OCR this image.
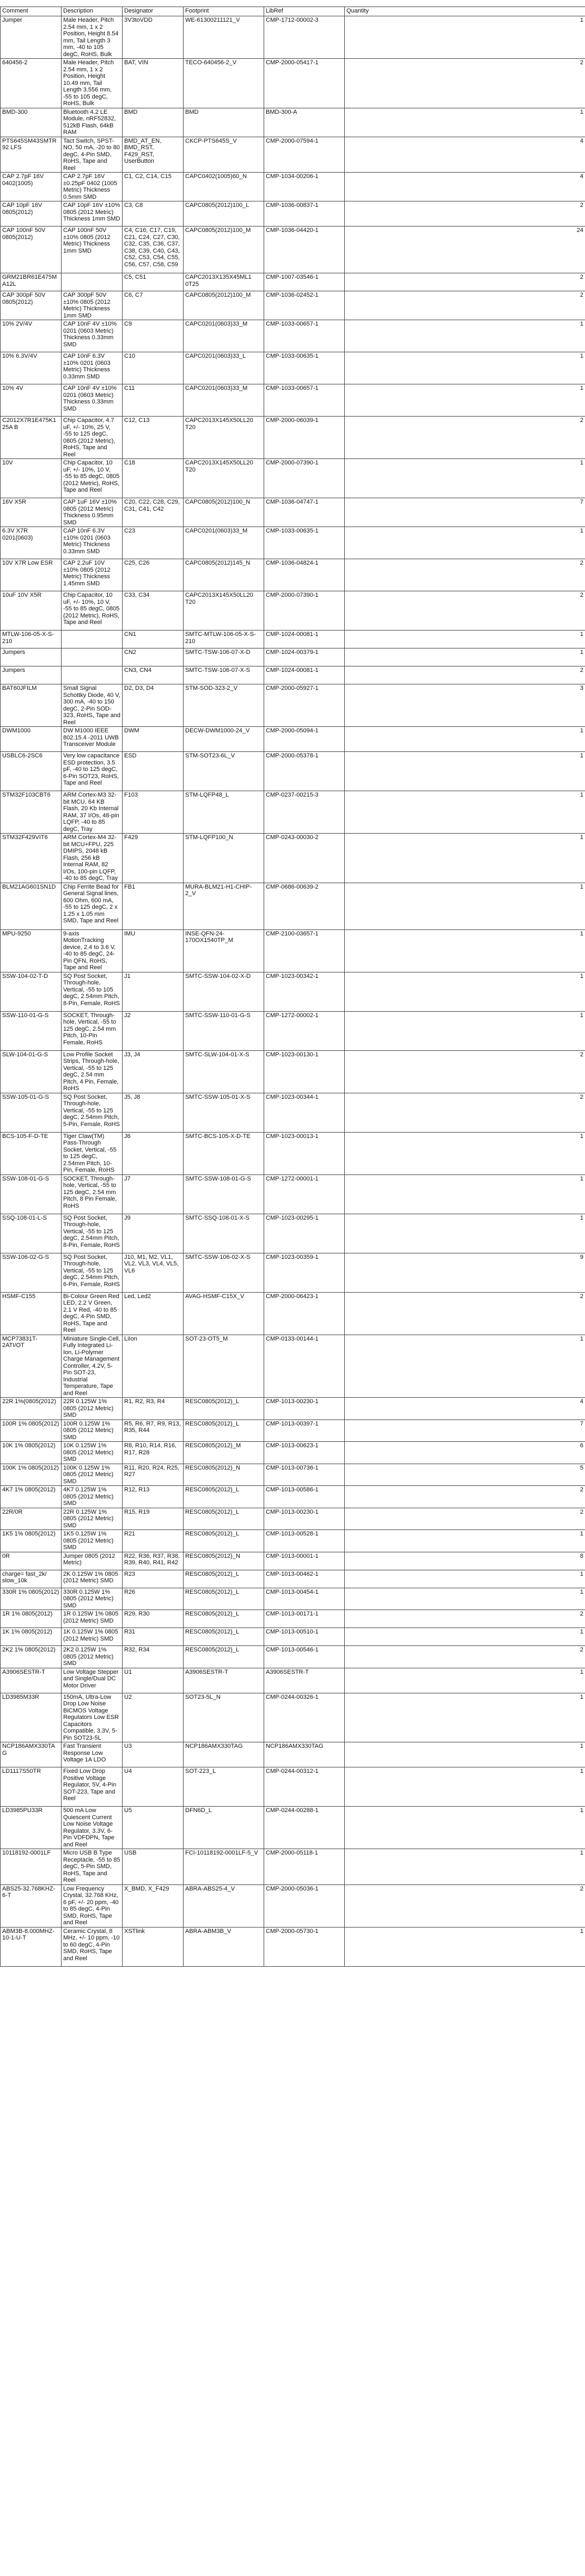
Comment	Description	Designator	Footprint	LibRef	Quantity
Jumper	Male Header, Pitch 2.54 mm, 1 x 2 Position, Height 8.54 mm, Tail Length 3 mm, -40 to 105 degC, RoHS, Bulk	3V3toVDD	WE-61300211121_V	CMP-1712-00002-3	1
640456-2	Male Header, Pitch 2.54 mm, 1 x 2 Position, Height 10.49 mm, Tail Length 3.556 mm, -55 to 105 degC, RoHS, Bulk	BAT, VIN	TECO-640456-2_V	CMP-2000-05417-1	2
BMD-300	Bluetooth 4.2 LE Module, nRF52832, 512kB Flash, 64kB RAM	BMD	BMD	BMD-300-A	1
PTS645SM43SMTR92 LFS	Tact Switch, SPST-NO, 50 mA, -20 to 80 degC, 4-Pin SMD, RoHS, Tape and Reel	BMD_AT_EN, BMD_RST, F429_RST, UserButton	CKCP-PTS645S_V	CMP-2000-07594-1	4
CAP 2.7pF 16V 0402(1005)	CAP 2.7pF 16V ±0.25pF 0402 (1005 Metric) Thickness 0.5mm SMD	C1, C2, C14, C15	CAPC0402(1005)60_N	CMP-1034-00206-1	4
CAP 10pF 16V 0805(2012)	CAP 10pF 16V ±10% 0805 (2012 Metric) Thickness 1mm SMD	C3, C8	CAPC0805(2012)100_L	CMP-1036-00837-1	2
CAP 100nF 50V 0805(2012)	CAP 100nF 50V ±10% 0805 (2012 Metric) Thickness 1mm SMD	C4, C16, C17, C19, C21, C24, C27, C30, C32, C35, C36, C37, C38, C39, C40, C43, C52, C53, C54, C55, C56, C57, C58, C59	CAPC0805(2012)100_M	CMP-1036-04420-1	24
GRM21BR61E475MA12L		C5, C51	CAPC2013X135X45ML1 0T25	CMP-1007-03546-1	2
CAP 300pF 50V 0805(2012)	CAP 300pF 50V ±10% 0805 (2012 Metric) Thickness 1mm SMD	C6, C7	CAPC0805(2012)100_M	CMP-1036-02452-1	2
10% 2V/4V	CAP 10nF 4V ±10% 0201 (0603 Metric) Thickness 0.33mm SMD	C9	CAPC0201(0603)33_M	CMP-1033-00657-1	1
10% 6.3V/4V	CAP 10nF 6.3V ±10% 0201 (0603 Metric) Thickness 0.33mm SMD	C10	CAPC0201(0603)33_L	CMP-1033-00635-1	1
10% 4V	CAP 10nF 4V ±10% 0201 (0603 Metric) Thickness 0.33mm SMD	C11	CAPC0201(0603)33_M	CMP-1033-00657-1	1
C2012X7R1E475K125A B	Chip Capacitor, 4.7 uF, +/- 10%, 25 V, -55 to 125 degC, 0805 (2012 Metric), RoHS, Tape and Reel	C12, C13	CAPC2013X145X50LL20 T20	CMP-2000-06039-1	2
10V	Chip Capacitor, 10 uF, +/- 10%, 10 V, -55 to 85 degC, 0805 (2012 Metric), RoHS, Tape and Reel	C18	CAPC2013X145X50LL20 T20	CMP-2000-07390-1	1
16V X5R	CAP 1uF 16V ±10% 0805 (2012 Metric) Thickness 0.95mm SMD	C20, C22, C28, C29, C31, C41, C42	CAPC0805(2012)100_N	CMP-1036-04747-1	7
6.3V X7R 0201(0603)	CAP 10nF 6.3V ±10% 0201 (0603 Metric) Thickness 0.33mm SMD	C23	CAPC0201(0603)33_M	CMP-1033-00635-1	1
10V X7R Low ESR	CAP 2.2uF 10V ±10% 0805 (2012 Metric) Thickness 1.45mm SMD	C25, C26	CAPC0805(2012)145_N	CMP-1036-04824-1	2
10uF 10V X5R	Chip Capacitor, 10 uF, +/- 10%, 10 V, -55 to 85 degC, 0805 (2012 Metric), RoHS, Tape and Reel	C33, C34	CAPC2013X145X50LL20 T20	CMP-2000-07390-1	2
MTLW-106-05-X-S-210		CN1	SMTC-MTLW-106-05-X-S-210	CMP-1024-00081-1	1
Jumpers		CN2	SMTC-TSW-106-07-X-D	CMP-1024-00379-1	1
Jumpers		CN3, CN4	SMTC-TSW-106-07-X-S	CMP-1024-00081-1	2
BAT60JFILM	Small Signal Schottky Diode, 40 V, 300 mA, -40 to 150 degC, 2-Pin SOD-323, RoHS, Tape and Reel	D2, D3, D4	STM-SOD-323-2_V	CMP-2000-05927-1	3
DWM1000	DW M1000 IEEE 802.15.4 -2011 UWB Transceiver Module	DWM	DECW-DWM1000-24_V	CMP-2000-05094-1	1
USBLC6-2SC6	Very low capacitance ESD protection, 3.5 pF, -40 to 125 degC, 6-Pin SOT23, RoHS, Tape and Reel	ESD	STM-SOT23-6L_V	CMP-2000-05378-1	1
STM32F103CBT6	ARM Cortex-M3 32-bit MCU, 64 KB Flash, 20 Kb Internal RAM, 37 I/Os, 48-pin LQFP, -40 to 85 degC, Tray	F103	STM-LQFP48_L	CMP-0237-00215-3	1
STM32F429VIT6	ARM Cortex-M4 32-bit MCU+FPU, 225 DMIPS, 2048 kB Flash, 256 kB Internal RAM, 82 I/Os, 100-pin LQFP, -40 to 85 degC, Tray	F429	STM-LQFP100_N	CMP-0243-00030-2	1
BLM21AG601SN1D	Chip Ferrite Bead for General Signal lines, 600 Ohm, 600 mA, -55 to 125 degC, 2 x 1.25 x 1.05 mm SMD, Tape and Reel	FB1	MURA-BLM21-H1-CHIP-2_V	CMP-0686-00639-2	1
MPU-9250	9-axis MotionTracking device, 2.4 to 3.6 V, -40 to 85 degC, 24-Pin QFN, RoHS, Tape and Reel	IMU	INSE-QFN-24-170OX1540TP_M	CMP-2100-03657-1	1
SSW-104-02-T-D	SQ Post Socket, Through-hole, Vertical, -55 to 105 degC, 2.54mm Pitch, 8-Pin, Female, RoHS	J1	SMTC-SSW-104-02-X-D	CMP-1023-00342-1	1
SSW-110-01-G-S	SOCKET, Through-hole, Vertical, -55 to 125 degC, 2.54 mm Pitch, 10-Pin Female, RoHS	J2	SMTC-SSW-110-01-G-S	CMP-1272-00002-1	1
SLW-104-01-G-S	Low Profile Socket Strips, Through-hole, Vertical, -55 to 125 degC, 2.54 mm Pitch, 4 Pin, Female, RoHS	J3, J4	SMTC-SLW-104-01-X-S	CMP-1023-00130-1	2
SSW-105-01-G-S	SQ Post Socket, Through-hole, Vertical, -55 to 125 degC, 2.54mm Pitch, 5-Pin, Female, RoHS	J5, J8	SMTC-SSW-105-01-X-S	CMP-1023-00344-1	2
BCS-105-F-D-TE	Tiger Claw(TM) Pass-Through Socket, Vertical, -55 to 125 degC, 2.54mm Pitch, 10-Pin, Female, RoHS	J6	SMTC-BCS-105-X-D-TE	CMP-1023-00013-1	1
SSW-108-01-G-S	SOCKET, Through-hole, Vertical, -55 to 125 degC, 2.54 mm Pitch, 8 Pin Female, RoHS	J7	SMTC-SSW-108-01-G-S	CMP-1272-00001-1	1
SSQ-108-01-L-S	SQ Post Socket, Through-hole, Vertical, -55 to 125 degC, 2.54mm Pitch, 8-Pin, Female, RoHS	J9	SMTC-SSQ-108-01-X-S	CMP-1023-00295-1	1
SSW-106-02-G-S	SQ Post Socket, Through-hole, Vertical, -55 to 125 degC, 2.54mm Pitch, 6-Pin, Female, RoHS	J10, M1, M2, VL1, VL2, VL3, VL4, VL5, VL6	SMTC-SSW-106-02-X-S	CMP-1023-00359-1	9
HSMF-C155	Bi-Colour Green Red LED, 2.2 V Green, 2.1 V Red, -40 to 85 degC, 4-Pin SMD, RoHS, Tape and Reel	Led, Led2	AVAG-HSMF-C15X_V	CMP-2000-06423-1	2
MCP73831T-2ATI/OT	Miniature Single-Cell, Fully Integrated Li-Ion, Li-Polymer Charge Management Controller, 4.2V, 5-Pin SOT-23, Industrial Temperature, Tape and Reel	LiIon	SOT-23-OT5_M	CMP-0133-00144-1	1
22R 1%(0805(2012)	22R 0.125W 1% 0805 (2012 Metric) SMD	R1, R2, R3, R4	RESC0805(2012)_L	CMP-1013-00230-1	4
100R 1% 0805(2012)	100R 0.125W 1% 0805 (2012 Metric) SMD	R5, R6, R7, R9, R13, R35, R44	RESC0805(2012)_L	CMP-1013-00397-1	7
10K 1% 0805(2012)	10K 0.125W 1% 0805 (2012 Metric) SMD	R8, R10, R14, R16, R17, R28	RESC0805(2012)_M	CMP-1013-00623-1	6
100K 1% 0805(2012)	100K 0.125W 1% 0805 (2012 Metric) SMD	R11, R20, R24, R25, R27	RESC0805(2012)_N	CMP-1013-00736-1	5
4K7 1% 0805(2012)	4K7 0.125W 1% 0805 (2012 Metric) SMD	R12, R13	RESC0805(2012)_L	CMP-1013-00586-1	2
22R/0R	22R 0.125W 1% 0805 (2012 Metric) SMD	R15, R19	RESC0805(2012)_L	CMP-1013-00230-1	2
1K5 1% 0805(2012)	1K5 0.125W 1% 0805 (2012 Metric) SMD	R21	RESC0805(2012)_L	CMP-1013-00528-1	1
0R	Jumper 0805 (2012 Metric)	R22, R36, R37, R38, R39, R40, R41, R42	RESC0805(2012)_N	CMP-1013-00001-1	8
charge= fast_2k/ slow_10k	2K 0.125W 1% 0805 (2012 Metric) SMD	R23	RESC0805(2012)_L	CMP-1013-00462-1	1
330R 1% 0805(2012)	330R 0.125W 1% 0805 (2012 Metric) SMD	R26	RESC0805(2012)_L	CMP-1013-00454-1	1
1R 1% 0805(2012)	1R 0.125W 1% 0805 (2012 Metric) SMD	R29, R30	RESC0805(2012)_L	CMP-1013-00171-1	2
1K 1% 0805(2012)	1K 0.125W 1% 0805 (2012 Metric) SMD	R31	RESC0805(2012)_L	CMP-1013-00510-1	1
2K2 1% 0805(2012)	2K2 0.125W 1% 0805 (2012 Metric) SMD	R32, R34	RESC0805(2012)_L	CMP-1013-00546-1	2
A3906SESTR-T	Low Voltage Stepper and Single/Dual DC Motor Driver	U1	A3906SESTR-T	A3906SESTR-T	1
LD3985M33R	150mA, Ultra-Low Drop Low Noise BiCMOS Voltage Regulators Low ESR Capacitors Compatible, 3.3V, 5-Pin SOT23-5L	U2	SOT23-5L_N	CMP-0244-00326-1	1
NCP186AMX330TAG	Fast Transient Response Low Voltage 1A LDO	U3	NCP186AMX330TAG	NCP186AMX330TAG	1
LD1117S50TR	Fixed Low Drop Positive Voltage Regulator, 5V, 4-Pin SOT-223, Tape and Reel	U4	SOT-223_L	CMP-0244-00312-1	1
LD3985PU33R	500 mA Low Quiescent Current Low Noise Voltage Regulator, 3.3V, 6-Pin VDFDPN, Tape and Reel	U5	DFN6D_L	CMP-0244-00288-1	1
10118192-0001LF	Micro USB B Type Receptacle, -55 to 85 degC, 5-Pin SMD, RoHS, Tape and Reel	USB	FCI-10118192-0001LF-5_V	CMP-2000-05118-1	1
ABS25-32.768KHZ-6-T	Low Frequency Crystal, 32.768 KHz, 6 pF, +/- 20 ppm, -40 to 85 degC, 4-Pin SMD, RoHS, Tape and Reel	X_BMD, X_F429	ABRA-ABS25-4_V	CMP-2000-05036-1	2
ABM3B-8.000MHZ-10-1-U-T	Ceramic Crystal, 8 MHz, +/- 10 ppm, -10 to 60 degC, 4-Pin SMD, RoHS, Tape and Reel	XSTlink	ABRA-ABM3B_V	CMP-2000-05730-1	1
